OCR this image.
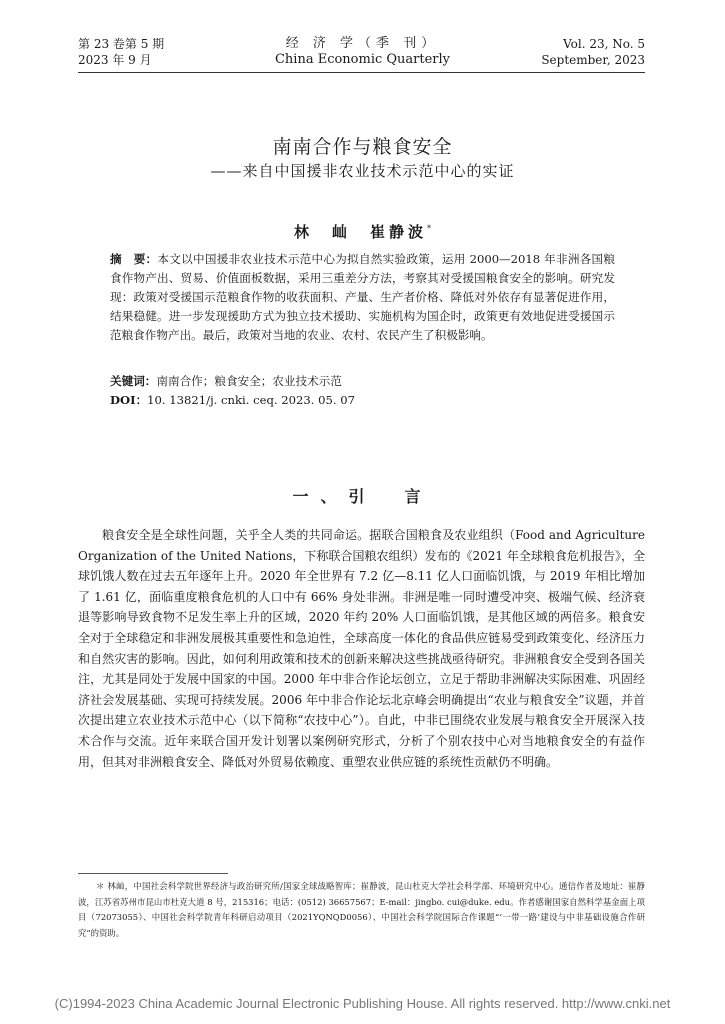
第 23 卷第 5 期
2023 年 9 月
经 济 学（季 刊）
China Economic Quarterly
Vol. 23, No. 5
September, 2023
南南合作与粮食安全
——来自中国援非农业技术示范中心的实证
林　屾　崔静波*
摘　要：本文以中国援非农业技术示范中心为拟自然实验政策，运用 2000—2018 年非洲各国粮食作物产出、贸易、价值面板数据，采用三重差分方法，考察其对受援国粮食安全的影响。研究发现：政策对受援国示范粮食作物的收获面积、产量、生产者价格、降低对外依存有显著促进作用，结果稳健。进一步发现援助方式为独立技术援助、实施机构为国企时，政策更有效地促进受援国示范粮食作物产出。最后，政策对当地的农业、农村、农民产生了积极影响。
关键词：南南合作；粮食安全；农业技术示范
DOI：10. 13821/j. cnki. ceq. 2023. 05. 07
一、引　言

粮食安全是全球性问题，关乎全人类的共同命运。据联合国粮食及农业组织（Food and Agriculture Organization of the United Nations，下称联合国粮农组织）发布的《2021 年全球粮食危机报告》，全球饥饿人数在过去五年逐年上升。2020 年全世界有 7.2 亿—8.11 亿人口面临饥饿，与 2019 年相比增加了 1.61 亿，面临重度粮食危机的人口中有 66% 身处非洲。非洲是唯一同时遭受冲突、极端气候、经济衰退等影响导致食物不足发生率上升的区域，2020 年约 20% 人口面临饥饿，是其他区域的两倍多。粮食安全对于全球稳定和非洲发展极其重要性和急迫性，全球高度一体化的食品供应链易受到政策变化、经济压力和自然灾害的影响。因此，如何利用政策和技术的创新来解决这些挑战亟待研究。非洲粮食安全受到各国关注，尤其是同处于发展中国家的中国。2000 年中非合作论坛创立，立足于帮助非洲解决实际困难、巩固经济社会发展基础、实现可持续发展。2006 年中非合作论坛北京峰会明确提出“农业与粮食安全”议题，并首次提出建立农业技术示范中心（以下简称“农技中心”）。自此，中非已围绕农业发展与粮食安全开展深入技术合作与交流。近年来联合国开发计划署以案例研究形式，分析了个别农技中心对当地粮食安全的有益作用，但其对非洲粮食安全、降低对外贸易依赖度、重塑农业供应链的系统性贡献仍不明确。

＊ 林屾，中国社会科学院世界经济与政治研究所/国家全球战略智库；崔静波，昆山杜克大学社会科学部、环境研究中心。通信作者及地址：崔静波，江苏省苏州市昆山市杜克大道 8 号，215316；电话：(0512) 36657567；E-mail：jingbo. cui@duke. edu。作者感谢国家自然科学基金面上项目（72073055）、中国社会科学院青年科研启动项目（2021YQNQD0056）、中国社会科学院国际合作课题“‘一带一路’建设与中非基础设施合作研究”的资助。
(C)1994-2023 China Academic Journal Electronic Publishing House. All rights reserved. http://www.cnki.net
